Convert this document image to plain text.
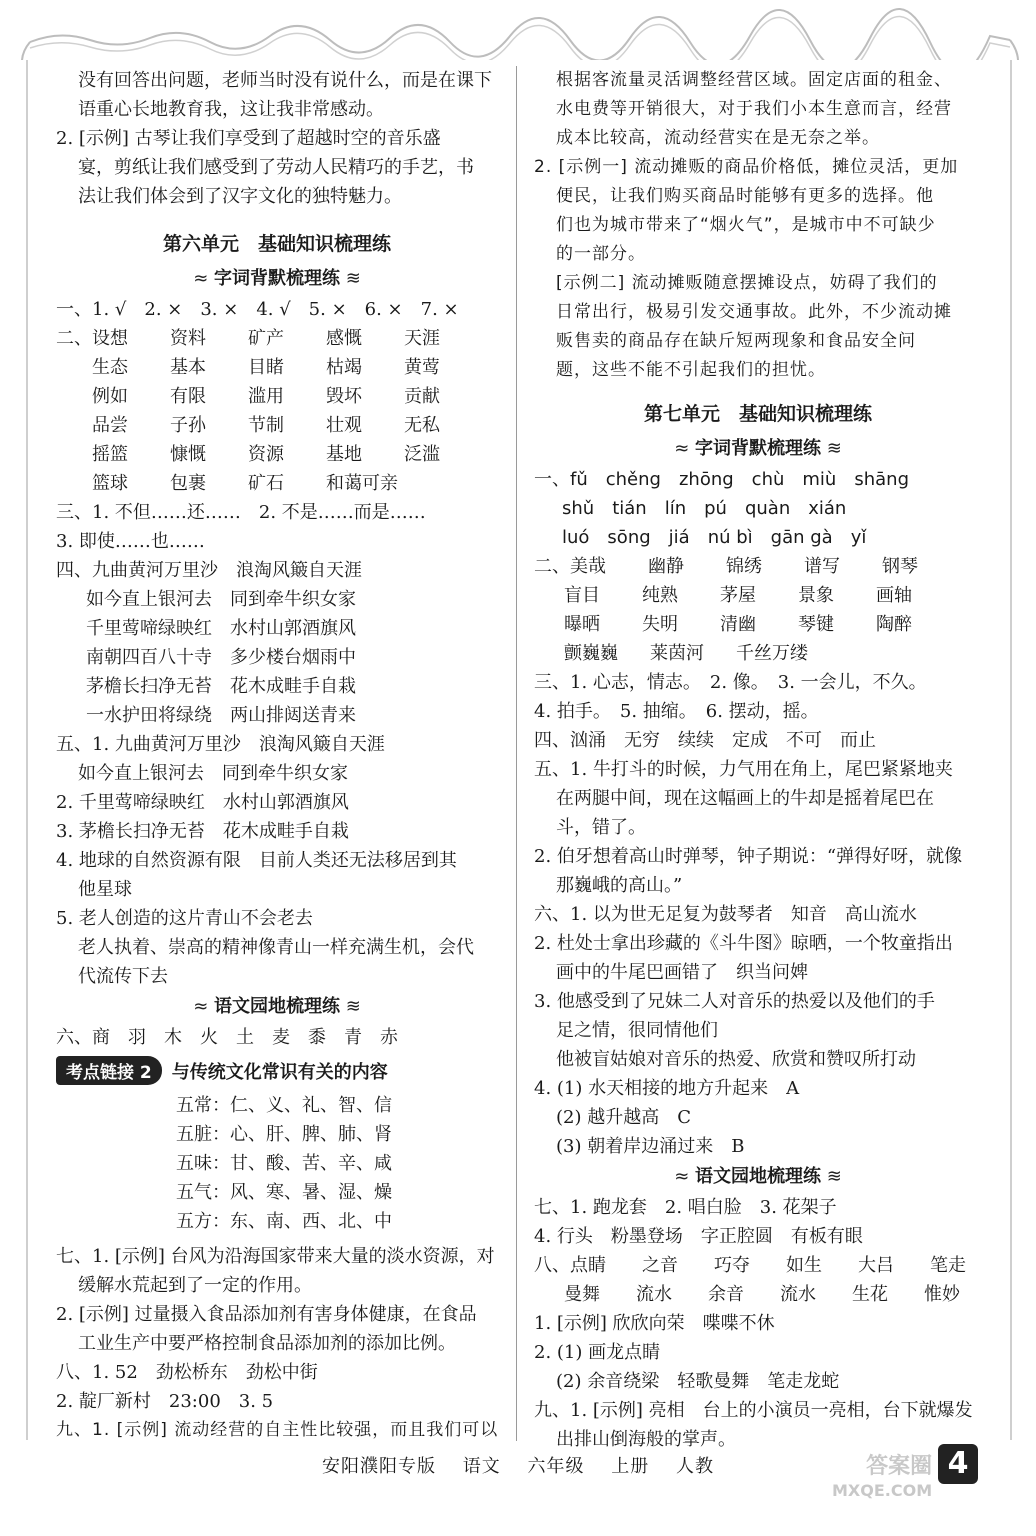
没有回答出问题，老师当时没有说什么，而是在课下
语重心长地教育我，这让我非常感动。
2. [示例] 古琴让我们享受到了超越时空的音乐盛
宴，剪纸让我们感受到了劳动人民精巧的手艺，书
法让我们体会到了汉字文化的独特魅力。
第六单元　基础知识梳理练
≈ 字词背默梳理练 ≋
一、1. √　2. ×　3. ×　4. √　5. ×　6. ×　7. ×
二、设想 资料 矿产 感慨 天涯
生态 基本 目睹 枯竭 黄莺
例如 有限 滥用 毁坏 贡献
品尝 子孙 节制 壮观 无私
摇篮 慷慨 资源 基地 泛滥
篮球 包裹 矿石 和蔼可亲
三、1. 不但……还……　2. 不是……而是……
3. 即使……也……
四、九曲黄河万里沙　浪淘风簸自天涯
如今直上银河去　同到牵牛织女家
千里莺啼绿映红　水村山郭酒旗风
南朝四百八十寺　多少楼台烟雨中
茅檐长扫净无苔　花木成畦手自栽
一水护田将绿绕　两山排闼送青来
五、1. 九曲黄河万里沙　浪淘风簸自天涯
如今直上银河去　同到牵牛织女家
2. 千里莺啼绿映红　水村山郭酒旗风
3. 茅檐长扫净无苔　花木成畦手自栽
4. 地球的自然资源有限　目前人类还无法移居到其
他星球
5. 老人创造的这片青山不会老去
老人执着、崇高的精神像青山一样充满生机，会代
代流传下去
≈ 语文园地梳理练 ≋
六、商　羽　木　火　土　麦　黍　青　赤
考点链接 2	与传统文化常识有关的内容
五常：仁、义、礼、智、信
五脏：心、肝、脾、肺、肾
五味：甘、酸、苦、辛、咸
五气：风、寒、暑、湿、燥
五方：东、南、西、北、中
七、1. [示例] 台风为沿海国家带来大量的淡水资源，对
缓解水荒起到了一定的作用。
2. [示例] 过量摄入食品添加剂有害身体健康，在食品
工业生产中要严格控制食品添加剂的添加比例。
八、1. 52　劲松桥东　劲松中街
2. 靛厂新村　23:00　3. 5
九、1. [示例] 流动经营的自主性比较强，而且我们可以
根据客流量灵活调整经营区域。固定店面的租金、
水电费等开销很大，对于我们小本生意而言，经营
成本比较高，流动经营实在是无奈之举。
2. [示例一] 流动摊贩的商品价格低，摊位灵活，更加
便民，让我们购买商品时能够有更多的选择。他
们也为城市带来了“烟火气”，是城市中不可缺少
的一部分。
[示例二] 流动摊贩随意摆摊设点，妨碍了我们的
日常出行，极易引发交通事故。此外，不少流动摊
贩售卖的商品存在缺斤短两现象和食品安全问
题，这些不能不引起我们的担忧。
第七单元　基础知识梳理练
≈ 字词背默梳理练 ≋
一、fǔ chěng zhōng chù miù shāng
shǔ tián lín pú quàn xián
luó sōng jiá nú bì gān gà yǐ
二、美哉 幽静 锦绣 谱写 钢琴
盲目 纯熟 茅屋 景象 画轴
曝晒 失明 清幽 琴键 陶醉
颤巍巍 莱茵河 千丝万缕
三、1. 心志，情志。　2. 像。　3. 一会儿，不久。
4. 拍手。　5. 抽缩。　6. 摆动，摇。
四、汹涌　无穷　续续　定成　不可　而止
五、1. 牛打斗的时候，力气用在角上，尾巴紧紧地夹
在两腿中间，现在这幅画上的牛却是摇着尾巴在
斗，错了。
2. 伯牙想着高山时弹琴，钟子期说：“弹得好呀，就像
那巍峨的高山。”
六、1. 以为世无足复为鼓琴者　知音　高山流水
2. 杜处士拿出珍藏的《斗牛图》晾晒，一个牧童指出
画中的牛尾巴画错了　织当问婢
3. 他感受到了兄妹二人对音乐的热爱以及他们的手
足之情，很同情他们
他被盲姑娘对音乐的热爱、欣赏和赞叹所打动
4. (1) 水天相接的地方升起来　A
(2) 越升越高　C
(3) 朝着岸边涌过来　B
≈ 语文园地梳理练 ≋
七、1. 跑龙套　2. 唱白脸　3. 花架子
4. 行头　粉墨登场　字正腔圆　有板有眼
八、点睛 之音 巧夺 如生 大吕 笔走
曼舞 流水 余音 流水 生花 惟妙
1. [示例] 欣欣向荣　喋喋不休
2. (1) 画龙点睛
(2) 余音绕梁　轻歌曼舞　笔走龙蛇
九、1. [示例] 亮相　台上的小演员一亮相，台下就爆发
出排山倒海般的掌声。
安阳濮阳专版 语文 六年级 上册 人教	答案圈
MXQE.COM
4
